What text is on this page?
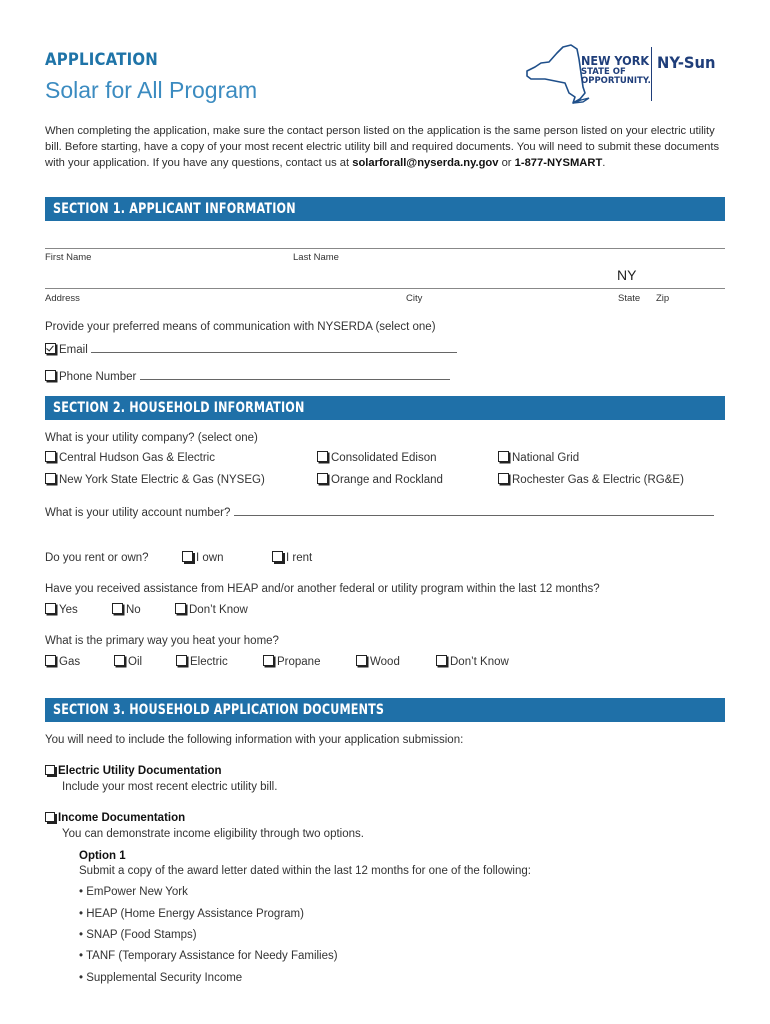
APPLICATION
Solar for All Program
NEW YORK
STATE OF
OPPORTUNITY.
NY-Sun
When completing the application, make sure the contact person listed on the application is the same person listed on your electric utility bill. Before starting, have a copy of your most recent electric utility bill and required documents. You will need to submit these documents with your application. If you have any questions, contact us at solarforall@nyserda.ny.gov or 1-877-NYSMART.
SECTION 1. APPLICANT INFORMATION
First Name	Last Name
NY
Address	City	State Zip
Provide your preferred means of communication with NYSERDA (select one)
Email
Phone Number
SECTION 2. HOUSEHOLD INFORMATION
What is your utility company? (select one)
Central Hudson Gas & Electric	Consolidated Edison	National Grid
New York State Electric & Gas (NYSEG)	Orange and Rockland	Rochester Gas & Electric (RG&E)
What is your utility account number?
Do you rent or own?	I own	I rent
Have you received assistance from HEAP and/or another federal or utility program within the last 12 months?
Yes	No	Don’t Know
What is the primary way you heat your home?
Gas	Oil	Electric	Propane	Wood	Don’t Know
SECTION 3. HOUSEHOLD APPLICATION DOCUMENTS
You will need to include the following information with your application submission:
Electric Utility Documentation
Include your most recent electric utility bill.
Income Documentation
You can demonstrate income eligibility through two options.
Option 1
Submit a copy of the award letter dated within the last 12 months for one of the following:
• EmPower New York
• HEAP (Home Energy Assistance Program)
• SNAP (Food Stamps)
• TANF (Temporary Assistance for Needy Families)
• Supplemental Security Income
